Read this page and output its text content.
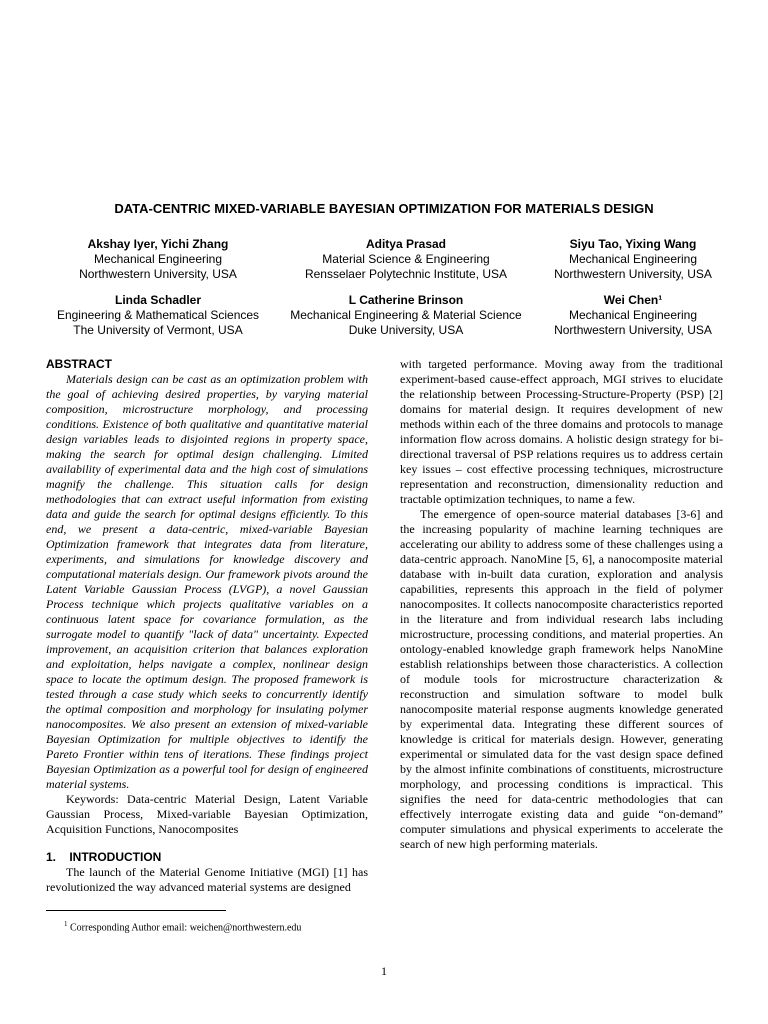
DATA-CENTRIC MIXED-VARIABLE BAYESIAN OPTIMIZATION FOR MATERIALS DESIGN
Akshay Iyer, Yichi Zhang
Mechanical Engineering
Northwestern University, USA
Aditya Prasad
Material Science & Engineering
Rensselaer Polytechnic Institute, USA
Siyu Tao, Yixing Wang
Mechanical Engineering
Northwestern University, USA
Linda Schadler
Engineering & Mathematical Sciences
The University of Vermont, USA
L Catherine Brinson
Mechanical Engineering & Material Science
Duke University, USA
Wei Chen¹
Mechanical Engineering
Northwestern University, USA
ABSTRACT

Materials design can be cast as an optimization problem with the goal of achieving desired properties, by varying material composition, microstructure morphology, and processing conditions. Existence of both qualitative and quantitative material design variables leads to disjointed regions in property space, making the search for optimal design challenging. Limited availability of experimental data and the high cost of simulations magnify the challenge. This situation calls for design methodologies that can extract useful information from existing data and guide the search for optimal designs efficiently. To this end, we present a data-centric, mixed-variable Bayesian Optimization framework that integrates data from literature, experiments, and simulations for knowledge discovery and computational materials design. Our framework pivots around the Latent Variable Gaussian Process (LVGP), a novel Gaussian Process technique which projects qualitative variables on a continuous latent space for covariance formulation, as the surrogate model to quantify "lack of data" uncertainty. Expected improvement, an acquisition criterion that balances exploration and exploitation, helps navigate a complex, nonlinear design space to locate the optimum design. The proposed framework is tested through a case study which seeks to concurrently identify the optimal composition and morphology for insulating polymer nanocomposites. We also present an extension of mixed-variable Bayesian Optimization for multiple objectives to identify the Pareto Frontier within tens of iterations. These findings project Bayesian Optimization as a powerful tool for design of engineered material systems.

Keywords: Data-centric Material Design, Latent Variable Gaussian Process, Mixed-variable Bayesian Optimization, Acquisition Functions, Nanocomposites

1.    INTRODUCTION

The launch of the Material Genome Initiative (MGI) [1] has revolutionized the way advanced material systems are designed

with targeted performance. Moving away from the traditional experiment-based cause-effect approach, MGI strives to elucidate the relationship between Processing-Structure-Property (PSP) [2] domains for material design. It requires development of new methods within each of the three domains and protocols to manage information flow across domains. A holistic design strategy for bi-directional traversal of PSP relations requires us to address certain key issues – cost effective processing techniques, microstructure representation and reconstruction, dimensionality reduction and tractable optimization techniques, to name a few.

The emergence of open-source material databases [3-6] and the increasing popularity of machine learning techniques are accelerating our ability to address some of these challenges using a data-centric approach. NanoMine [5, 6], a nanocomposite material database with in-built data curation, exploration and analysis capabilities, represents this approach in the field of polymer nanocomposites. It collects nanocomposite characteristics reported in the literature and from individual research labs including microstructure, processing conditions, and material properties. An ontology-enabled knowledge graph framework helps NanoMine establish relationships between those characteristics. A collection of module tools for microstructure characterization & reconstruction and simulation software to model bulk nanocomposite material response augments knowledge generated by experimental data. Integrating these different sources of knowledge is critical for materials design. However, generating experimental or simulated data for the vast design space defined by the almost infinite combinations of constituents, microstructure morphology, and processing conditions is impractical. This signifies the need for data-centric methodologies that can effectively interrogate existing data and guide “on-demand” computer simulations and physical experiments to accelerate the search of new high performing materials.

$^1$ Corresponding Author email: weichen@northwestern.edu
1
